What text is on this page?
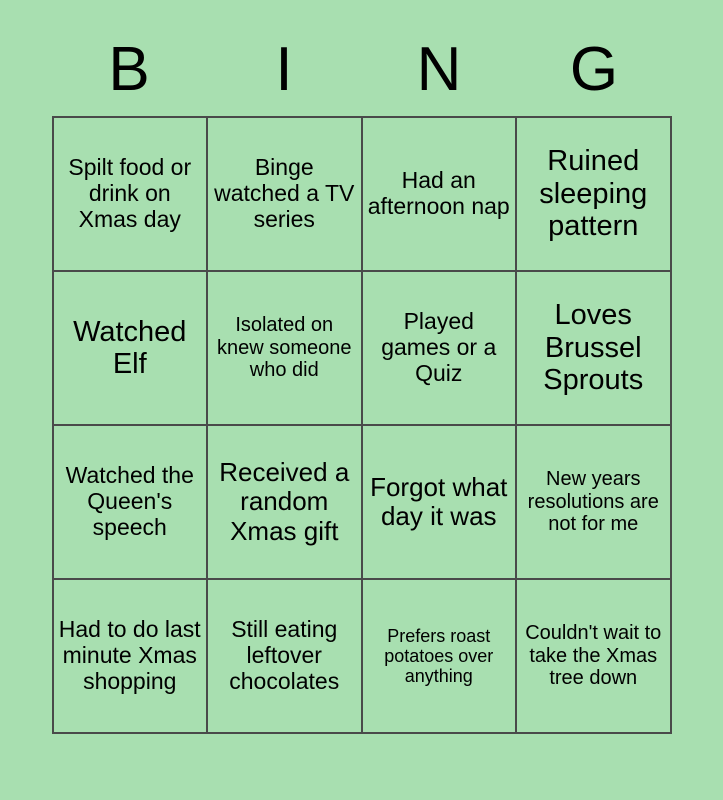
B	I	N	G
Spilt food or drink on Xmas day
Binge watched a TV series
Had an afternoon nap
Ruined sleeping pattern
Watched Elf
Isolated on knew someone who did
Played games or a Quiz
Loves Brussel Sprouts
Watched the Queen's speech
Received a random Xmas gift
Forgot what day it was
New years resolutions are not for me
Had to do last minute Xmas shopping
Still eating leftover chocolates
Prefers roast potatoes over anything
Couldn't wait to take the Xmas tree down
